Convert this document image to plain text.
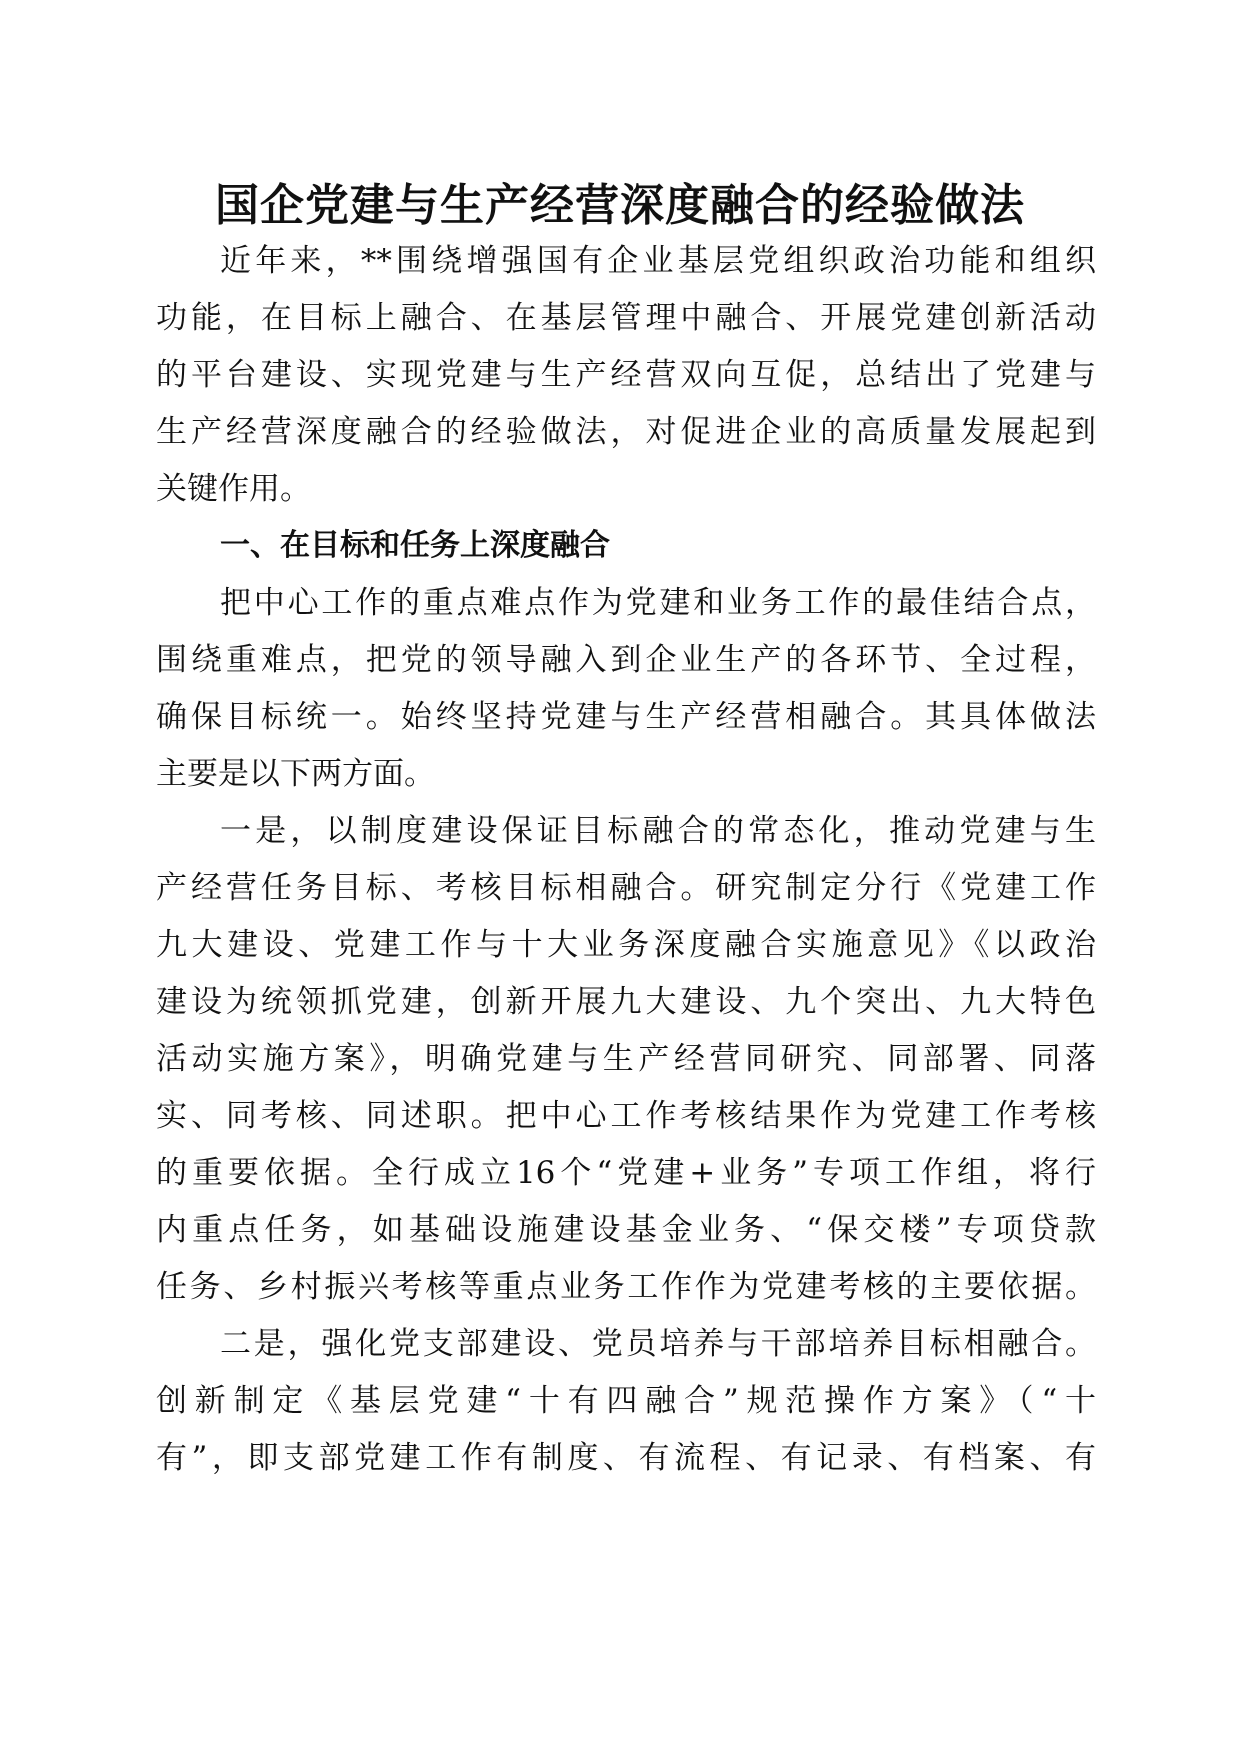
国企党建与生产经营深度融合的经验做法

近年来，**围绕增强国有企业基层党组织政治功能和组织

功能，在目标上融合、在基层管理中融合、开展党建创新活动

的平台建设、实现党建与生产经营双向互促，总结出了党建与

生产经营深度融合的经验做法，对促进企业的高质量发展起到

关键作用。

一、在目标和任务上深度融合

把中心工作的重点难点作为党建和业务工作的最佳结合点，

围绕重难点，把党的领导融入到企业生产的各环节、全过程，

确保目标统一。始终坚持党建与生产经营相融合。其具体做法

主要是以下两方面。

一是，以制度建设保证目标融合的常态化，推动党建与生

产经营任务目标、考核目标相融合。研究制定分行《党建工作

九大建设、党建工作与十大业务深度融合实施意见》《以政治

建设为统领抓党建，创新开展九大建设、九个突出、九大特色

活动实施方案》，明确党建与生产经营同研究、同部署、同落

实、同考核、同述职。把中心工作考核结果作为党建工作考核

的重要依据。全行成立16个“党建+业务”专项工作组，将行

内重点任务，如基础设施建设基金业务、“保交楼”专项贷款

任务、乡村振兴考核等重点业务工作作为党建考核的主要依据。

二是，强化党支部建设、党员培养与干部培养目标相融合。

创新制定《基层党建“十有四融合”规范操作方案》（“十

有”，即支部党建工作有制度、有流程、有记录、有档案、有
